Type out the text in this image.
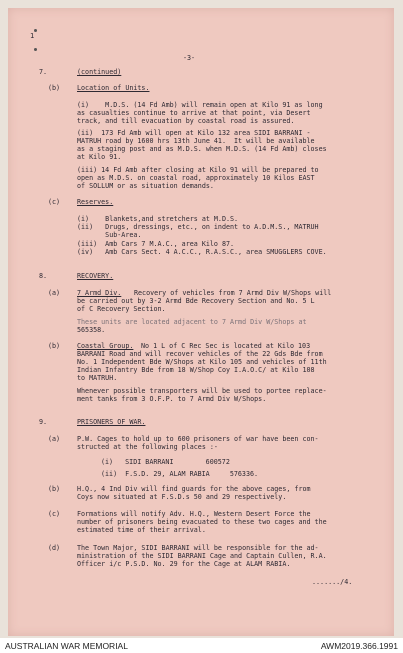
1
-3-
7.	(continued)
(b)	Location of Units.
(i)    M.D.S. (14 Fd Amb) will remain open at Kilo 91 as long
as casualties continue to arrive at that point, via Desert
track, and till evacuation by coastal road is assured.
(ii)  173 Fd Amb will open at Kilo 132 area SIDI BARRANI -
MATRUH road by 1600 hrs 13th June 41.  It will be available
as a staging post and as M.D.S. when M.D.S. (14 Fd Amb) closes
at Kilo 91.
(iii) 14 Fd Amb after closing at Kilo 91 will be prepared to
open as M.D.S. on coastal road, approximately 10 Kilos EAST
of SOLLUM or as situation demands.
(c)	Reserves.
(i)    Blankets,and stretchers at M.D.S.
(ii)   Drugs, dressings, etc., on indent to A.D.M.S., MATRUH
Sub-Area.
(iii)  Amb Cars 7 M.A.C., area Kilo 87.
(iv)   Amb Cars Sect. 4 A.C.C., R.A.S.C., area SMUGGLERS COVE.
8.	RECOVERY.
(a)	7 Armd Div. Recovery of vehicles from 7 Armd Div W/Shops will
be carried out by 3-2 Armd Bde Recovery Section and No. 5 L
of C Recovery Section.
These units are located adjacent to 7 Armd Div W/Shops at
565358.
(b)	Coastal Group. No 1 L of C Rec Sec is located at Kilo 103
BARRANI Road and will recover vehicles of the 22 Gds Bde from
No. 1 Independent Bde W/Shops at Kilo 105 and vehicles of 11th
Indian Infantry Bde from 18 W/Shop Coy I.A.O.C/ at Kilo 108
to MATRUH.
Whenever possible transporters will be used to portee replace-
ment tanks from 3 O.F.P. to 7 Armd Div W/Shops.
9.	PRISONERS OF WAR.
(a)	P.W. Cages to hold up to 600 prisoners of war have been con-
structed at the following places :-
(i)   SIDI BARRANI        600572
(ii)  F.S.D. 29, ALAM RABIA     576336.
(b)	H.Q., 4 Ind Div will find guards for the above cages, from
Coys now situated at F.S.D.s 50 and 29 respectively.
(c)	Formations will notify Adv. H.Q., Western Desert Force the
number of prisoners being evacuated to these two cages and the
estimated time of their arrival.
(d)	The Town Major, SIDI BARRANI will be responsible for the ad-
ministration of the SIDI BARRANI Cage and Captain Cullen, R.A.
Officer i/c P.S.D. No. 29 for the Cage at ALAM RABIA.
......./4.
AUSTRALIAN WAR MEMORIAL	AWM2019.366.1991
